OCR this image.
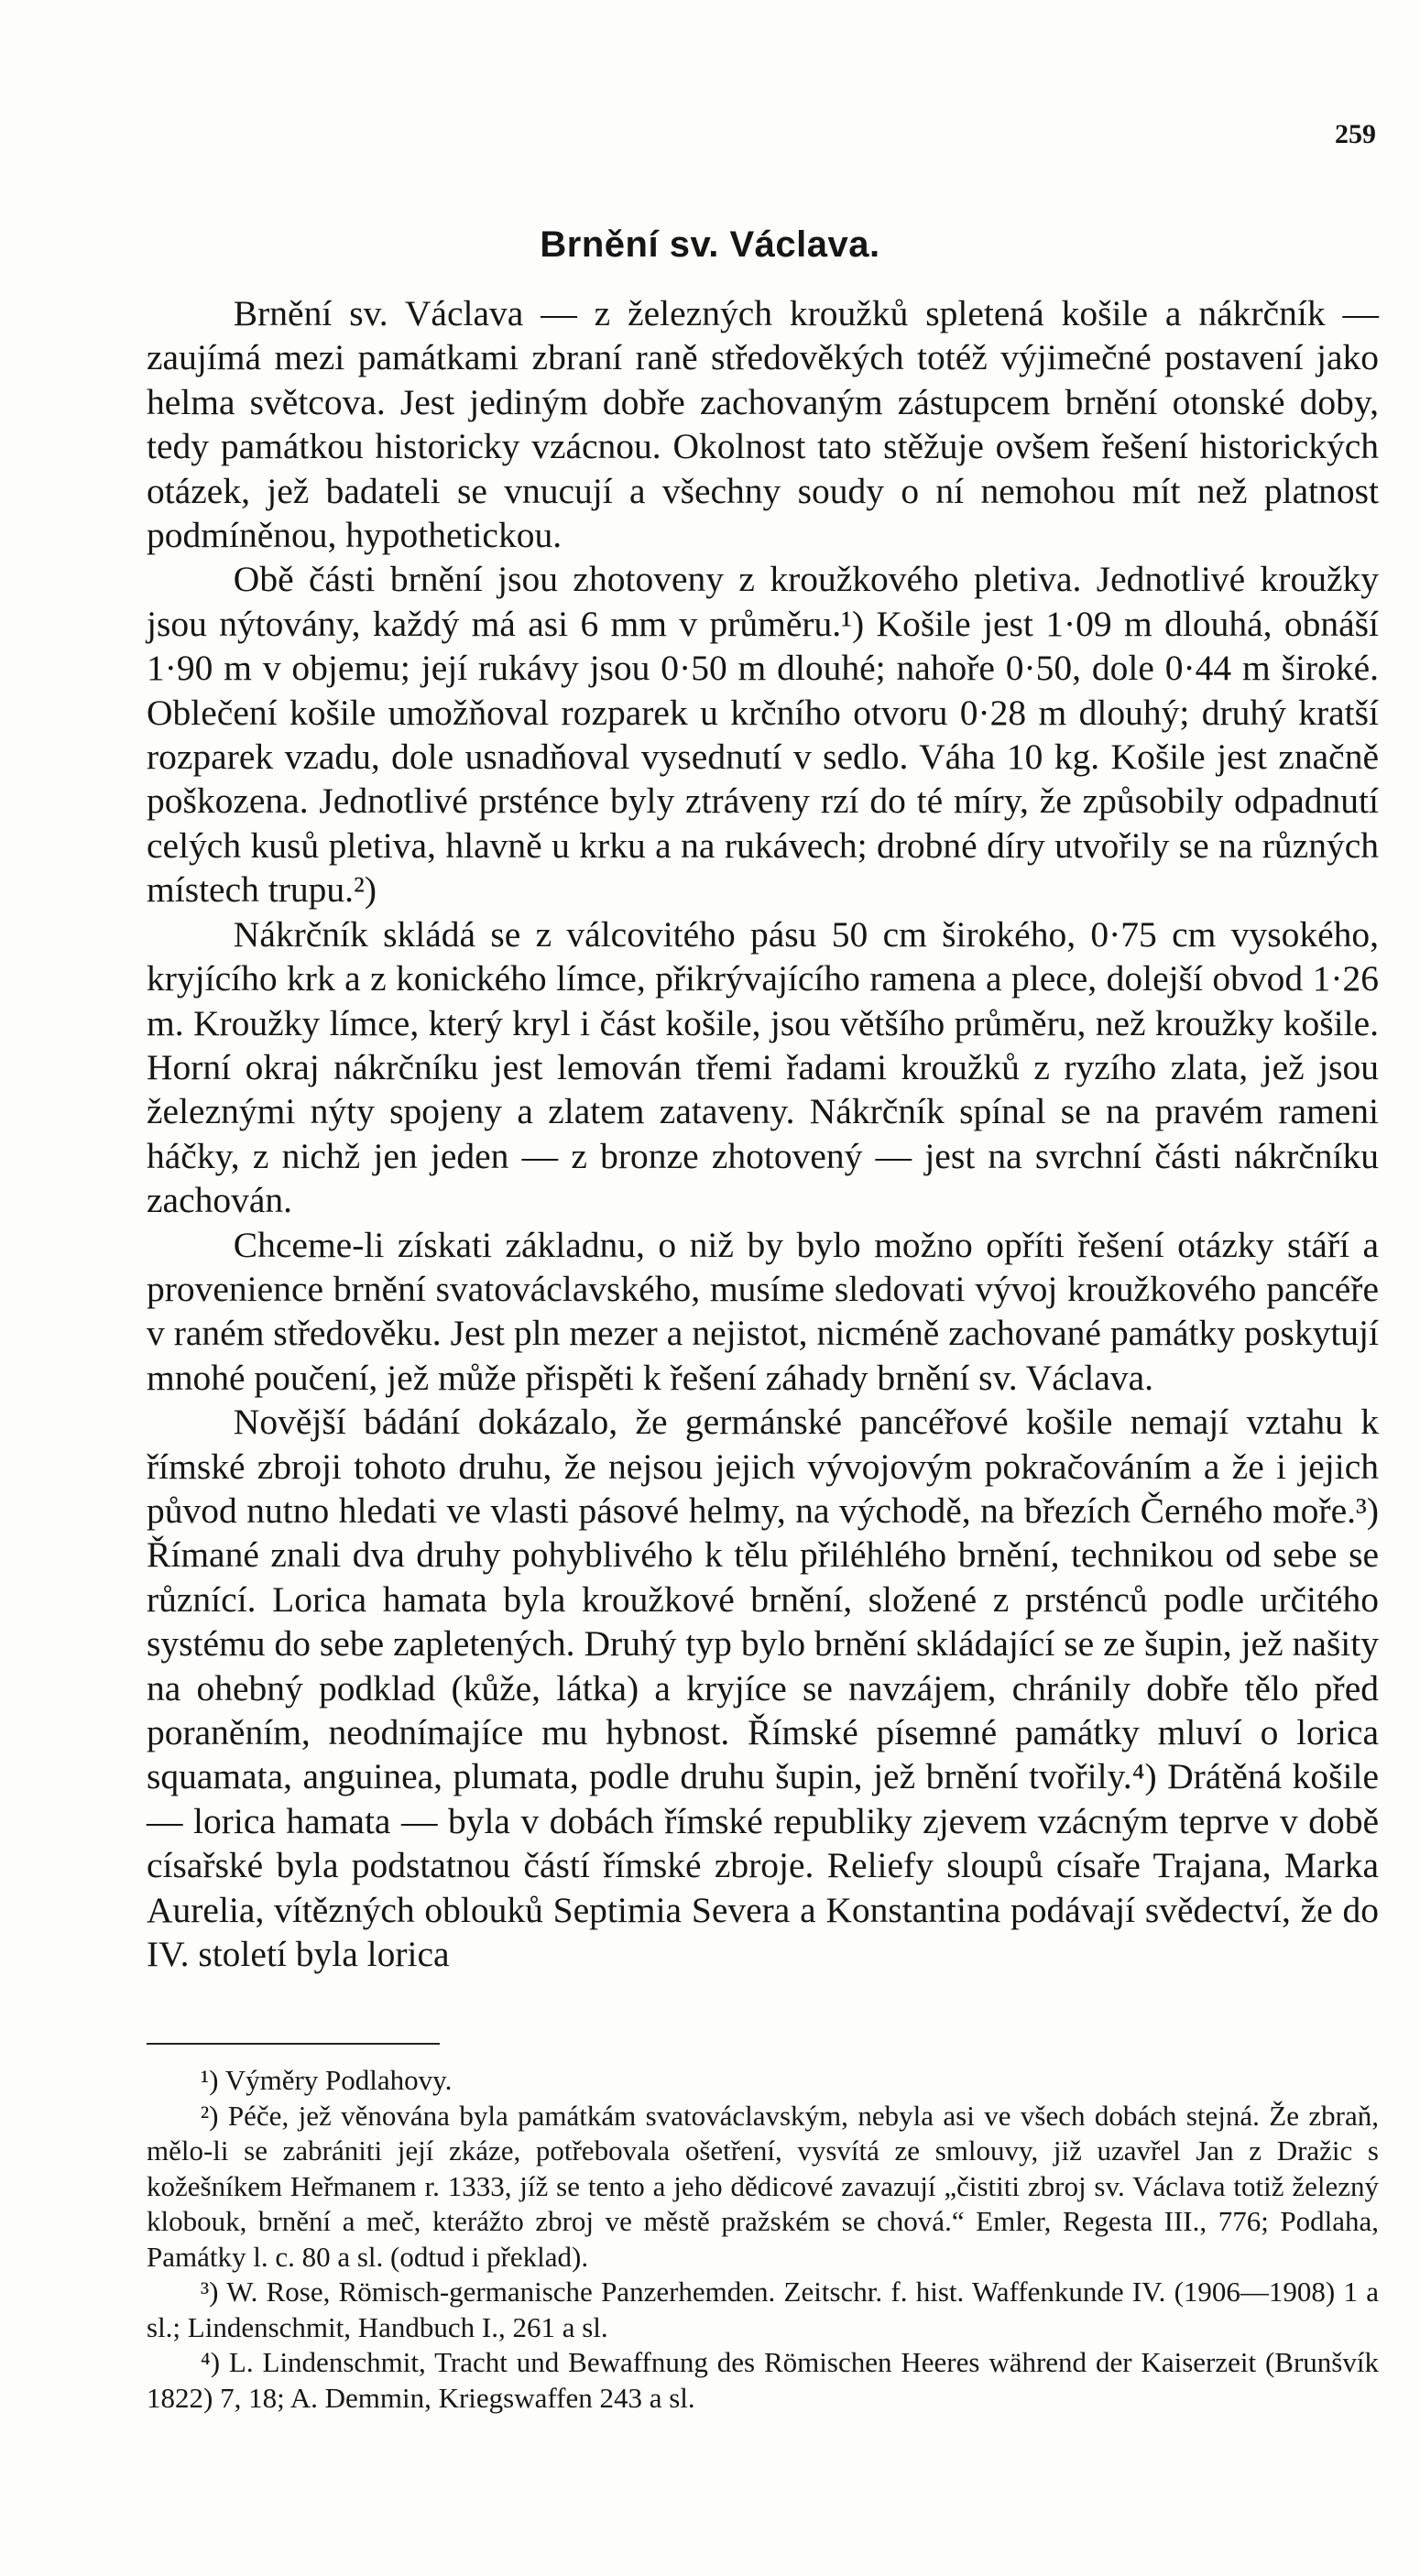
259
Brnění sv. Václava.

Brnění sv. Václava — z železných kroužků spletená košile a nákrčník — zaujímá mezi památkami zbraní raně středověkých totéž výjimečné postavení jako helma světcova. Jest jediným dobře zachovaným zástupcem brnění otonské doby, tedy památkou historicky vzácnou. Okolnost tato stěžuje ovšem řešení historických otázek, jež badateli se vnucují a všechny soudy o ní nemohou mít než platnost podmíněnou, hypothetickou.

Obě části brnění jsou zhotoveny z kroužkového pletiva. Jednotlivé kroužky jsou nýtovány, každý má asi 6 mm v průměru.¹) Košile jest 1·09 m dlouhá, obnáší 1·90 m v objemu; její rukávy jsou 0·50 m dlouhé; nahoře 0·50, dole 0·44 m široké. Oblečení košile umožňoval rozparek u krčního otvoru 0·28 m dlouhý; druhý kratší rozparek vzadu, dole usnadňoval vysednutí v sedlo. Váha 10 kg. Košile jest značně poškozena. Jednotlivé prsténce byly ztráveny rzí do té míry, že způsobily odpadnutí celých kusů pletiva, hlavně u krku a na rukávech; drobné díry utvořily se na různých místech trupu.²)

Nákrčník skládá se z válcovitého pásu 50 cm širokého, 0·75 cm vysokého, kryjícího krk a z konického límce, přikrývajícího ramena a plece, dolejší obvod 1·26 m. Kroužky límce, který kryl i část košile, jsou většího průměru, než kroužky košile. Horní okraj nákrčníku jest lemován třemi řadami kroužků z ryzího zlata, jež jsou železnými nýty spojeny a zlatem zataveny. Nákrčník spínal se na pravém rameni háčky, z nichž jen jeden — z bronze zhotovený — jest na svrchní části nákrčníku zachován.

Chceme-li získati základnu, o niž by bylo možno opříti řešení otázky stáří a provenience brnění svatováclavského, musíme sledovati vývoj kroužkového pancéře v raném středověku. Jest pln mezer a nejistot, nicméně zachované památky poskytují mnohé poučení, jež může přispěti k řešení záhady brnění sv. Václava.

Novější bádání dokázalo, že germánské pancéřové košile nemají vztahu k římské zbroji tohoto druhu, že nejsou jejich vývojovým pokračováním a že i jejich původ nutno hledati ve vlasti pásové helmy, na východě, na březích Černého moře.³) Římané znali dva druhy pohyblivého k tělu přiléhlého brnění, technikou od sebe se různící. Lorica hamata byla kroužkové brnění, složené z prsténců podle určitého systému do sebe zapletených. Druhý typ bylo brnění skládající se ze šupin, jež našity na ohebný podklad (kůže, látka) a kryjíce se navzájem, chránily dobře tělo před poraněním, neodnímajíce mu hybnost. Římské písemné památky mluví o lorica squamata, anguinea, plumata, podle druhu šupin, jež brnění tvořily.⁴) Drátěná košile — lorica hamata — byla v dobách římské republiky zjevem vzácným teprve v době císařské byla podstatnou částí římské zbroje. Reliefy sloupů císaře Trajana, Marka Aurelia, vítězných oblouků Septimia Severa a Konstantina podávají svědectví, že do IV. století byla lorica

¹) Výměry Podlahovy.

²) Péče, jež věnována byla památkám svatováclavským, nebyla asi ve všech dobách stejná. Že zbraň, mělo-li se zabrániti její zkáze, potřebovala ošetření, vysvítá ze smlouvy, již uzavřel Jan z Dražic s kožešníkem Heřmanem r. 1333, jíž se tento a jeho dědicové zavazují „čistiti zbroj sv. Václava totiž železný klobouk, brnění a meč, kterážto zbroj ve městě pražském se chová.“ Emler, Regesta III., 776; Podlaha, Památky l. c. 80 a sl. (odtud i překlad).

³) W. Rose, Römisch-germanische Panzerhemden. Zeitschr. f. hist. Waffenkunde IV. (1906—1908) 1 a sl.; Lindenschmit, Handbuch I., 261 a sl.

⁴) L. Lindenschmit, Tracht und Bewaffnung des Römischen Heeres während der Kaiserzeit (Brunšvík 1822) 7, 18; A. Demmin, Kriegswaffen 243 a sl.
